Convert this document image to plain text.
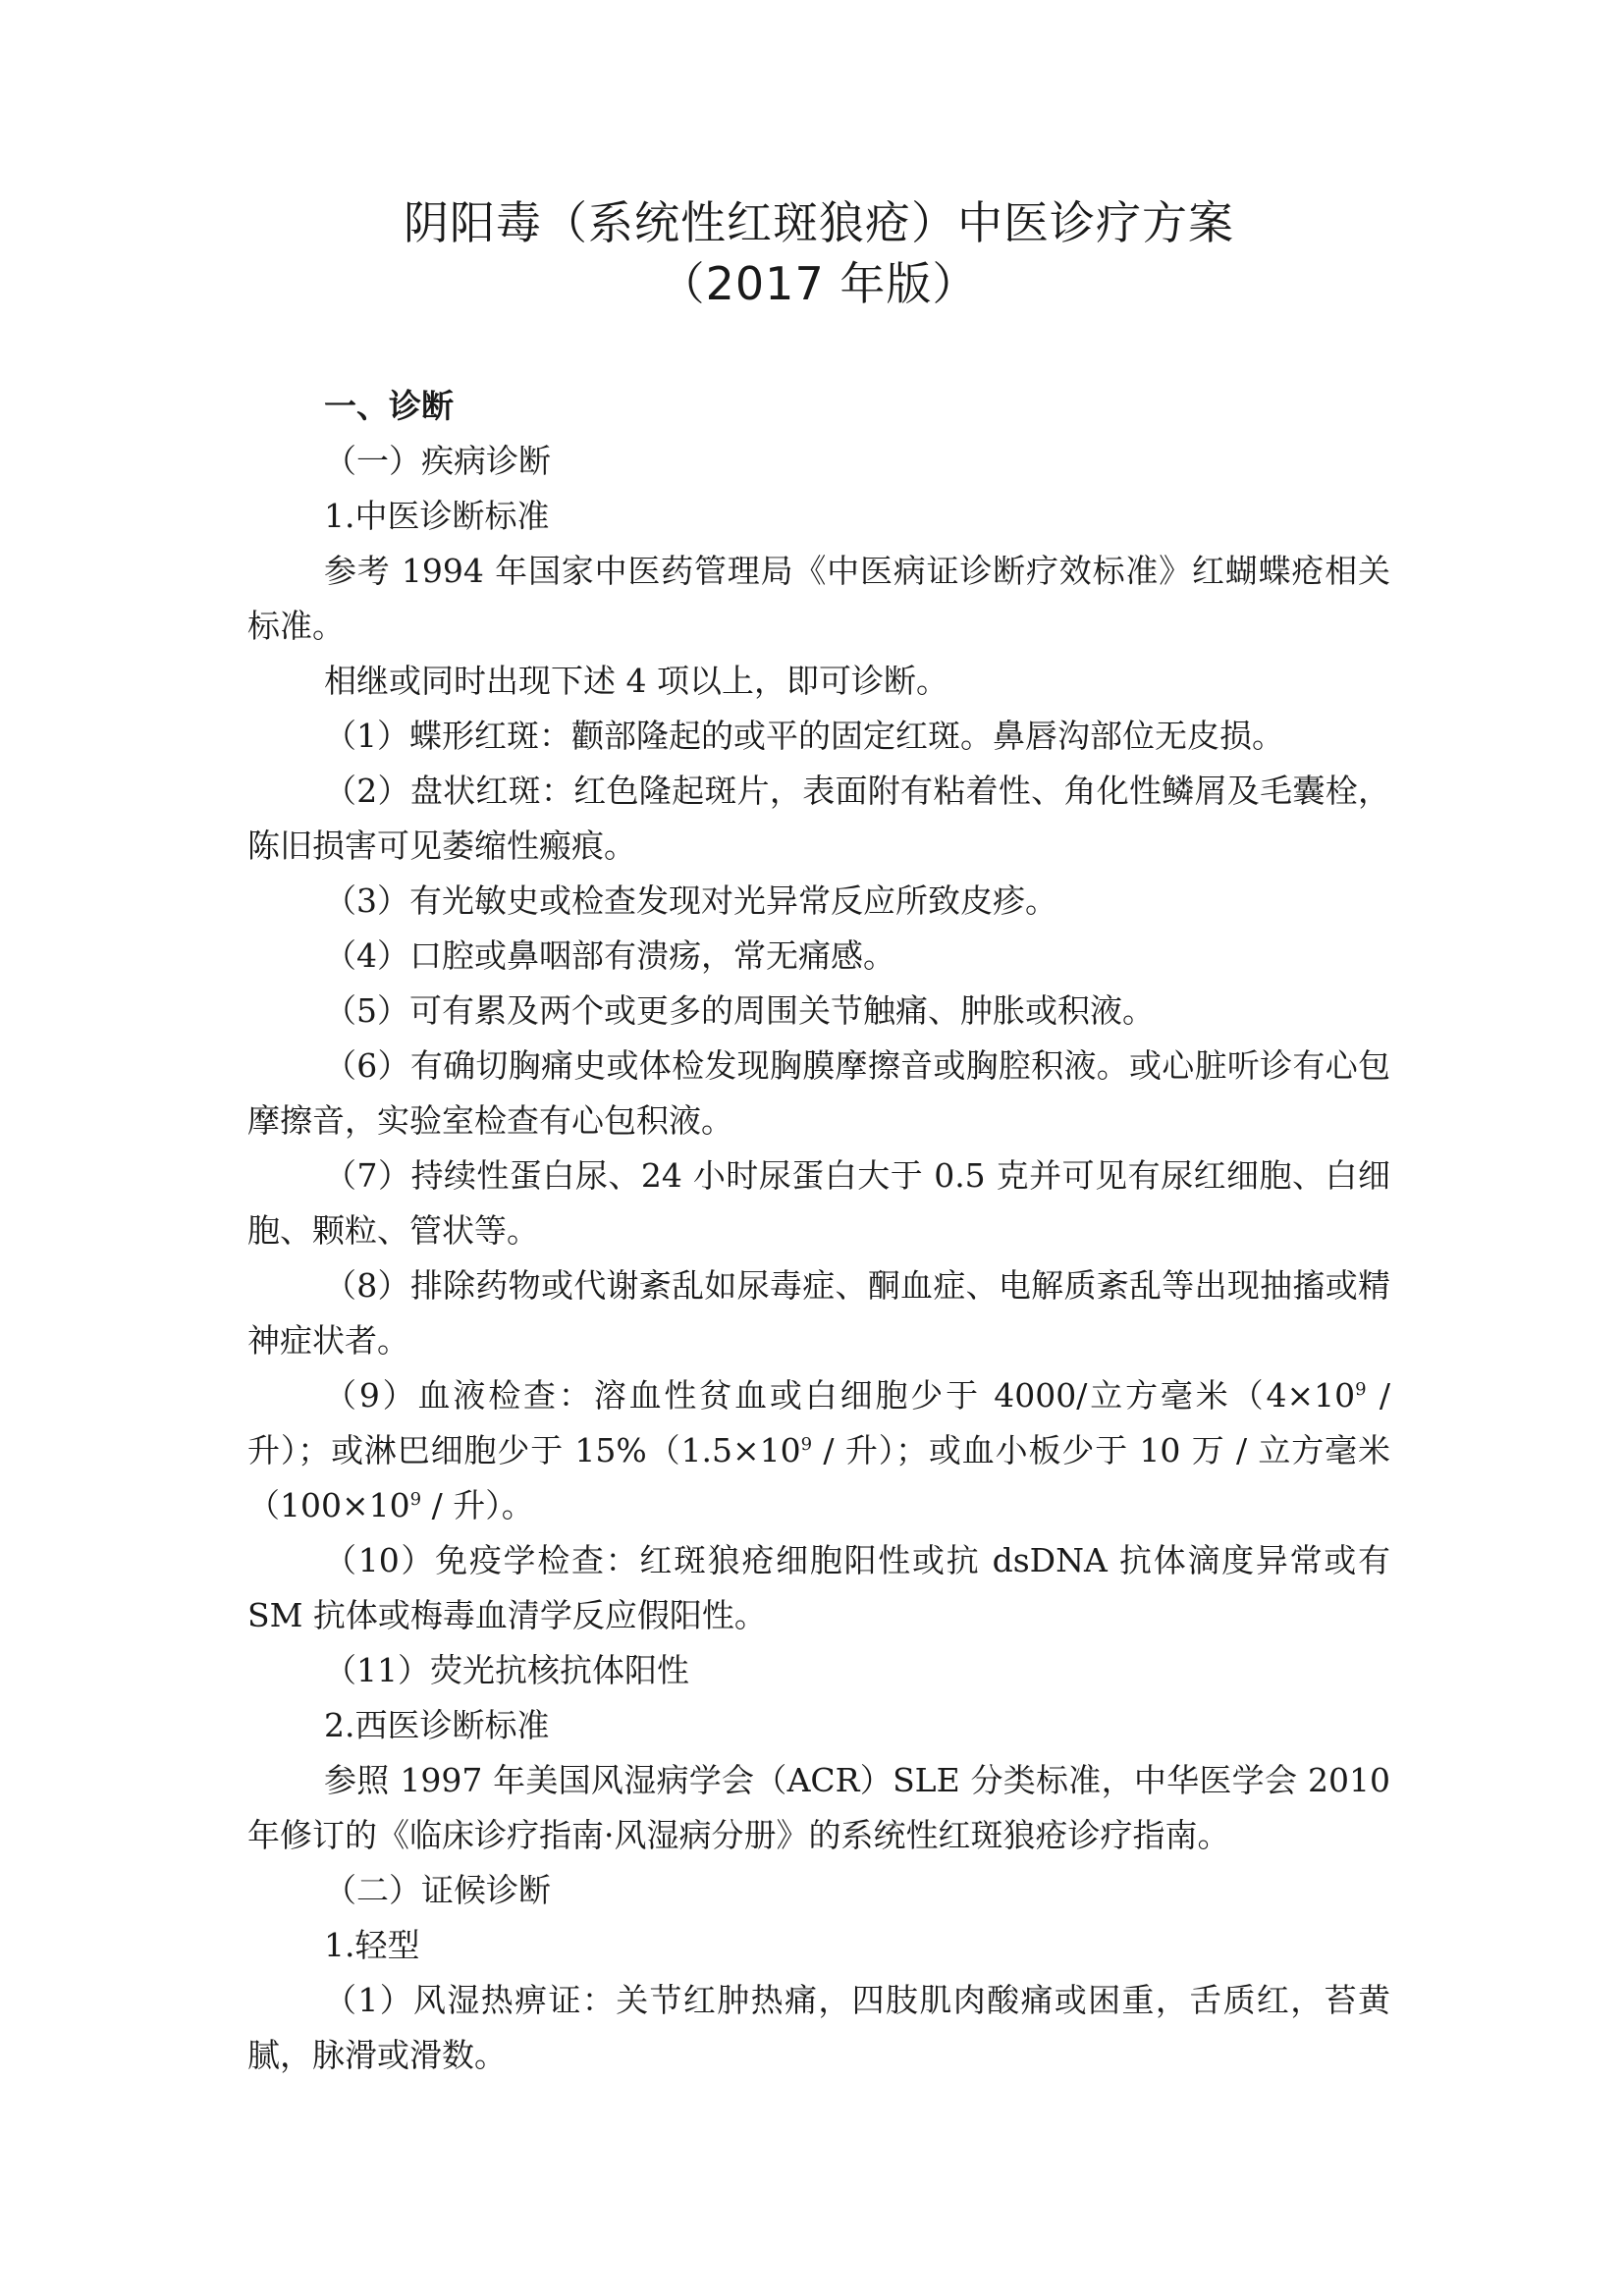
阴阳毒（系统性红斑狼疮）中医诊疗方案

（2017 年版）

一、诊断

（一）疾病诊断

1.中医诊断标准

参考 1994 年国家中医药管理局《中医病证诊断疗效标准》红蝴蝶疮相关标准。

相继或同时出现下述 4 项以上，即可诊断。

（1）蝶形红斑：颧部隆起的或平的固定红斑。鼻唇沟部位无皮损。

（2）盘状红斑：红色隆起斑片，表面附有粘着性、角化性鳞屑及毛囊栓，陈旧损害可见萎缩性瘢痕。

（3）有光敏史或检查发现对光异常反应所致皮疹。

（4）口腔或鼻咽部有溃疡，常无痛感。

（5）可有累及两个或更多的周围关节触痛、肿胀或积液。

（6）有确切胸痛史或体检发现胸膜摩擦音或胸腔积液。或心脏听诊有心包摩擦音，实验室检查有心包积液。

（7）持续性蛋白尿、24 小时尿蛋白大于 0.5 克并可见有尿红细胞、白细胞、颗粒、管状等。

（8）排除药物或代谢紊乱如尿毒症、酮血症、电解质紊乱等出现抽搐或精神症状者。

（9）血液检查：溶血性贫血或白细胞少于 4000/立方毫米（$4\times 10^9$ / 升）；或淋巴细胞少于 $15\%(1.5\times 10^9$ / 升）；或血小板少于 10 万 / 立方毫米（$100\times 10^9$ / 升）。

（10）免疫学检查：红斑狼疮细胞阳性或抗 dsDNA 抗体滴度异常或有 SM 抗体或梅毒血清学反应假阳性。

（11）荧光抗核抗体阳性

2.西医诊断标准

参照 1997 年美国风湿病学会（ACR）SLE 分类标准，中华医学会 2010 年修订的《临床诊疗指南·风湿病分册》的系统性红斑狼疮诊疗指南。

（二）证候诊断

1.轻型

（1）风湿热痹证：关节红肿热痛，四肢肌肉酸痛或困重，舌质红，苔黄腻，脉滑或滑数。
